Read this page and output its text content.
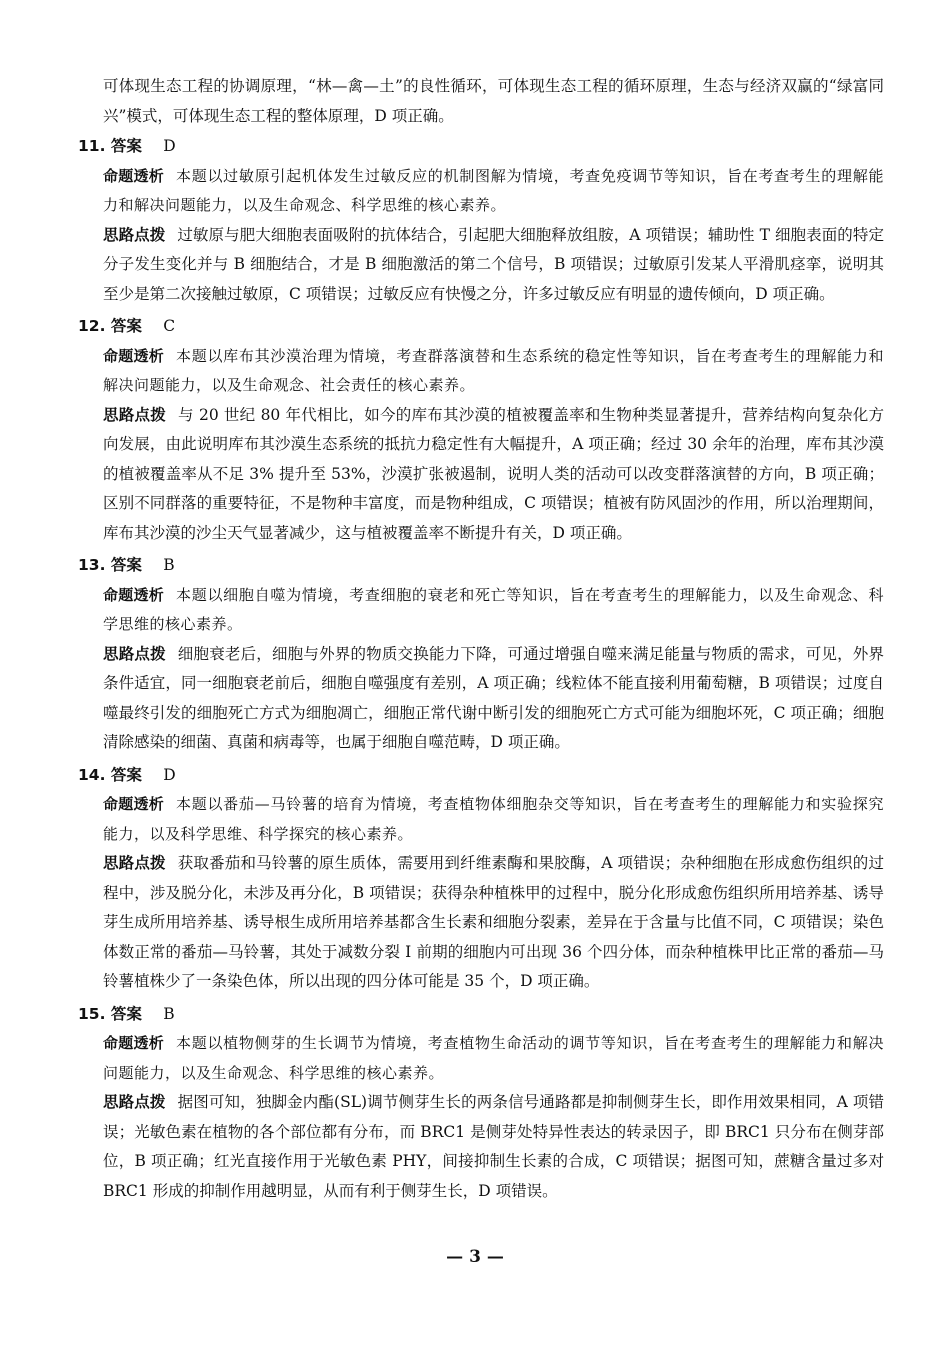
可体现生态工程的协调原理，“林—禽—土”的良性循环，可体现生态工程的循环原理，生态与经济双赢的“绿富同兴”模式，可体现生态工程的整体原理，D 项正确。

11. 答案 D

命题透析 本题以过敏原引起机体发生过敏反应的机制图解为情境，考查免疫调节等知识，旨在考查考生的理解能力和解决问题能力，以及生命观念、科学思维的核心素养。

思路点拨 过敏原与肥大细胞表面吸附的抗体结合，引起肥大细胞释放组胺，A 项错误；辅助性 T 细胞表面的特定分子发生变化并与 B 细胞结合，才是 B 细胞激活的第二个信号，B 项错误；过敏原引发某人平滑肌痉挛，说明其至少是第二次接触过敏原，C 项错误；过敏反应有快慢之分，许多过敏反应有明显的遗传倾向，D 项正确。

12. 答案 C

命题透析 本题以库布其沙漠治理为情境，考查群落演替和生态系统的稳定性等知识，旨在考查考生的理解能力和解决问题能力，以及生命观念、社会责任的核心素养。

思路点拨 与 20 世纪 80 年代相比，如今的库布其沙漠的植被覆盖率和生物种类显著提升，营养结构向复杂化方向发展，由此说明库布其沙漠生态系统的抵抗力稳定性有大幅提升，A 项正确；经过 30 余年的治理，库布其沙漠的植被覆盖率从不足 3% 提升至 53%，沙漠扩张被遏制，说明人类的活动可以改变群落演替的方向，B 项正确；区别不同群落的重要特征，不是物种丰富度，而是物种组成，C 项错误；植被有防风固沙的作用，所以治理期间，库布其沙漠的沙尘天气显著减少，这与植被覆盖率不断提升有关，D 项正确。

13. 答案 B

命题透析 本题以细胞自噬为情境，考查细胞的衰老和死亡等知识，旨在考查考生的理解能力，以及生命观念、科学思维的核心素养。

思路点拨 细胞衰老后，细胞与外界的物质交换能力下降，可通过增强自噬来满足能量与物质的需求，可见，外界条件适宜，同一细胞衰老前后，细胞自噬强度有差别，A 项正确；线粒体不能直接利用葡萄糖，B 项错误；过度自噬最终引发的细胞死亡方式为细胞凋亡，细胞正常代谢中断引发的细胞死亡方式可能为细胞坏死，C 项正确；细胞清除感染的细菌、真菌和病毒等，也属于细胞自噬范畴，D 项正确。

14. 答案 D

命题透析 本题以番茄—马铃薯的培育为情境，考查植物体细胞杂交等知识，旨在考查考生的理解能力和实验探究能力，以及科学思维、科学探究的核心素养。

思路点拨 获取番茄和马铃薯的原生质体，需要用到纤维素酶和果胶酶，A 项错误；杂种细胞在形成愈伤组织的过程中，涉及脱分化，未涉及再分化，B 项错误；获得杂种植株甲的过程中，脱分化形成愈伤组织所用培养基、诱导芽生成所用培养基、诱导根生成所用培养基都含生长素和细胞分裂素，差异在于含量与比值不同，C 项错误；染色体数正常的番茄—马铃薯，其处于减数分裂 Ⅰ 前期的细胞内可出现 36 个四分体，而杂种植株甲比正常的番茄—马铃薯植株少了一条染色体，所以出现的四分体可能是 35 个，D 项正确。

15. 答案 B

命题透析 本题以植物侧芽的生长调节为情境，考查植物生命活动的调节等知识，旨在考查考生的理解能力和解决问题能力，以及生命观念、科学思维的核心素养。

思路点拨 据图可知，独脚金内酯(SL)调节侧芽生长的两条信号通路都是抑制侧芽生长，即作用效果相同，A 项错误；光敏色素在植物的各个部位都有分布，而 BRC1 是侧芽处特异性表达的转录因子，即 BRC1 只分布在侧芽部位，B 项正确；红光直接作用于光敏色素 PHY，间接抑制生长素的合成，C 项错误；据图可知，蔗糖含量过多对 BRC1 形成的抑制作用越明显，从而有利于侧芽生长，D 项错误。

— 3 —
